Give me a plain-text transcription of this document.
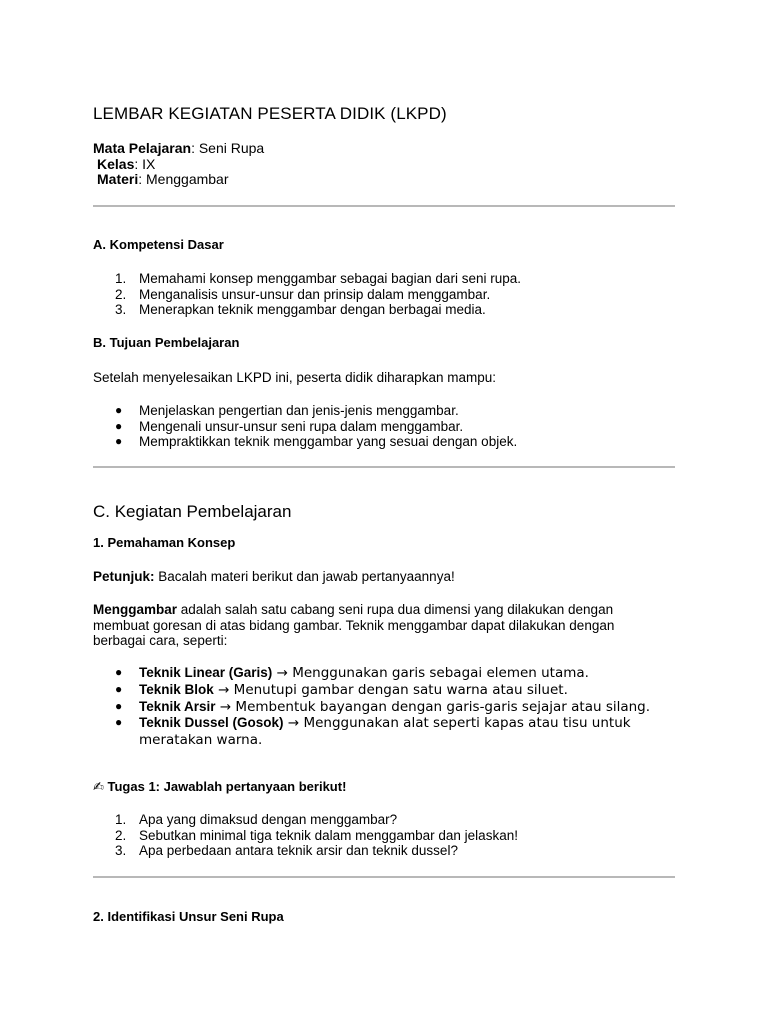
LEMBAR KEGIATAN PESERTA DIDIK (LKPD)
Mata Pelajaran: Seni Rupa
Kelas: IX
Materi: Menggambar
A. Kompetensi Dasar
1. Memahami konsep menggambar sebagai bagian dari seni rupa.
2. Menganalisis unsur-unsur dan prinsip dalam menggambar.
3. Menerapkan teknik menggambar dengan berbagai media.
B. Tujuan Pembelajaran

Setelah menyelesaikan LKPD ini, peserta didik diharapkan mampu:

● Menjelaskan pengertian dan jenis-jenis menggambar.
● Mengenali unsur-unsur seni rupa dalam menggambar.
● Mempraktikkan teknik menggambar yang sesuai dengan objek.
C. Kegiatan Pembelajaran
1. Pemahaman Konsep

Petunjuk: Bacalah materi berikut dan jawab pertanyaannya!

Menggambar adalah salah satu cabang seni rupa dua dimensi yang dilakukan dengan membuat goresan di atas bidang gambar. Teknik menggambar dapat dilakukan dengan berbagai cara, seperti:

● Teknik Linear (Garis) → Menggunakan garis sebagai elemen utama.
● Teknik Blok → Menutupi gambar dengan satu warna atau siluet.
● Teknik Arsir → Membentuk bayangan dengan garis-garis sejajar atau silang.
● Teknik Dussel (Gosok) → Menggunakan alat seperti kapas atau tisu untuk meratakan warna.

✍ Tugas 1: Jawablah pertanyaan berikut!

1. Apa yang dimaksud dengan menggambar?
2. Sebutkan minimal tiga teknik dalam menggambar dan jelaskan!
3. Apa perbedaan antara teknik arsir dan teknik dussel?
2. Identifikasi Unsur Seni Rupa
